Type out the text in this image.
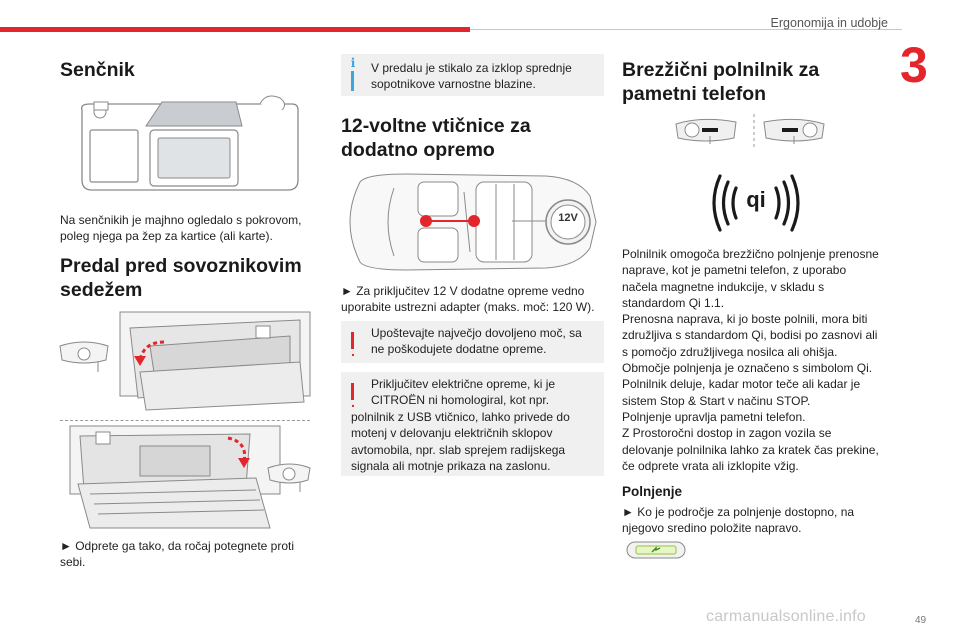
Ergonomija in udobje
3
Senčnik

Na senčnikih je majhno ogledalo s pokrovom, poleg njega pa žep za kartice (ali karte).

Predal pred sovoznikovim
sedežem

► Odprete ga tako, da ročaj potegnete proti sebi.

i V predalu je stikalo za izklop sprednje sopotnikove varnostne blazine.

12-voltne vtičnice za
dodatno opremo
12V

► Za priključitev 12 V dodatne opreme vedno uporabite ustrezni adapter (maks. moč: 120 W).

.

Upoštevajte največjo dovoljeno moč, sa ne poškodujete dodatne opreme.

.

Priključitev električne opreme, ki je CITROËN ni homologiral, kot npr.

polnilnik z USB vtičnico, lahko privede do motenj v delovanju električnih sklopov avtomobila, npr. slab sprejem radijskega signala ali motnje prikaza na zaslonu.

Brezžični polnilnik za
pametni telefon
qi

Polnilnik omogoča brezžično polnjenje prenosne naprave, kot je pametni telefon, z uporabo načela magnetne indukcije, v skladu s standardom Qi 1.1.
Prenosna naprava, ki jo boste polnili, mora biti združljiva s standardom Qi, bodisi po zasnovi ali s pomočjo združljivega nosilca ali ohišja.
Območje polnjenja je označeno s simbolom Qi.
Polnilnik deluje, kadar motor teče ali kadar je sistem Stop & Start v načinu STOP.
Polnjenje upravlja pametni telefon.
Z Prostoročni dostop in zagon vozila se delovanje polnilnika lahko za kratek čas prekine, če odprete vrata ali izklopite vžig.

Polnjenje

► Ko je področje za polnjenje dostopno, na njegovo sredino položite napravo.

carmanualsonline.info	49
